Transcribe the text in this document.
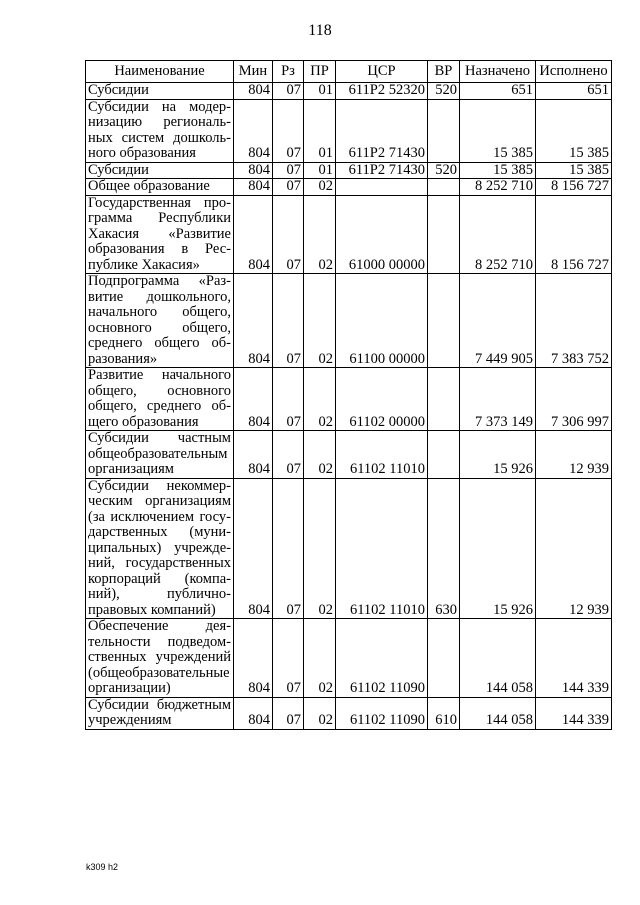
118
Наименование	Мин	Рз	ПР	ЦСР	ВР	Назначено	Исполнено
Субсидии	804	07	01	611P2 52320	520	651	651
Субсидии на модернизацию региональных систем дошкольного образования	804	07	01	611P2 71430		15 385	15 385
Субсидии	804	07	01	611P2 71430	520	15 385	15 385
Общее образование	804	07	02			8 252 710	8 156 727
Государственная программа Республики Хакасия «Развитие образования в Республике Хакасия»	804	07	02	61000 00000		8 252 710	8 156 727
Подпрограмма «Развитие дошкольного, начального общего, основного общего, среднего общего образования»	804	07	02	61100 00000		7 449 905	7 383 752
Развитие начального общего, основного общего, среднего общего образования	804	07	02	61102 00000		7 373 149	7 306 997
Субсидии частным общеобразовательным организациям	804	07	02	61102 11010		15 926	12 939
Субсидии некоммерческим организациям (за исключением государственных (муниципальных) учреждений, государственных корпораций (компаний), публично-правовых компаний)	804	07	02	61102 11010	630	15 926	12 939
Обеспечение деятельности подведомственных учреждений (общеобразовательные организации)	804	07	02	61102 11090		144 058	144 339
Субсидии бюджетным учреждениям	804	07	02	61102 11090	610	144 058	144 339
k309 h2
